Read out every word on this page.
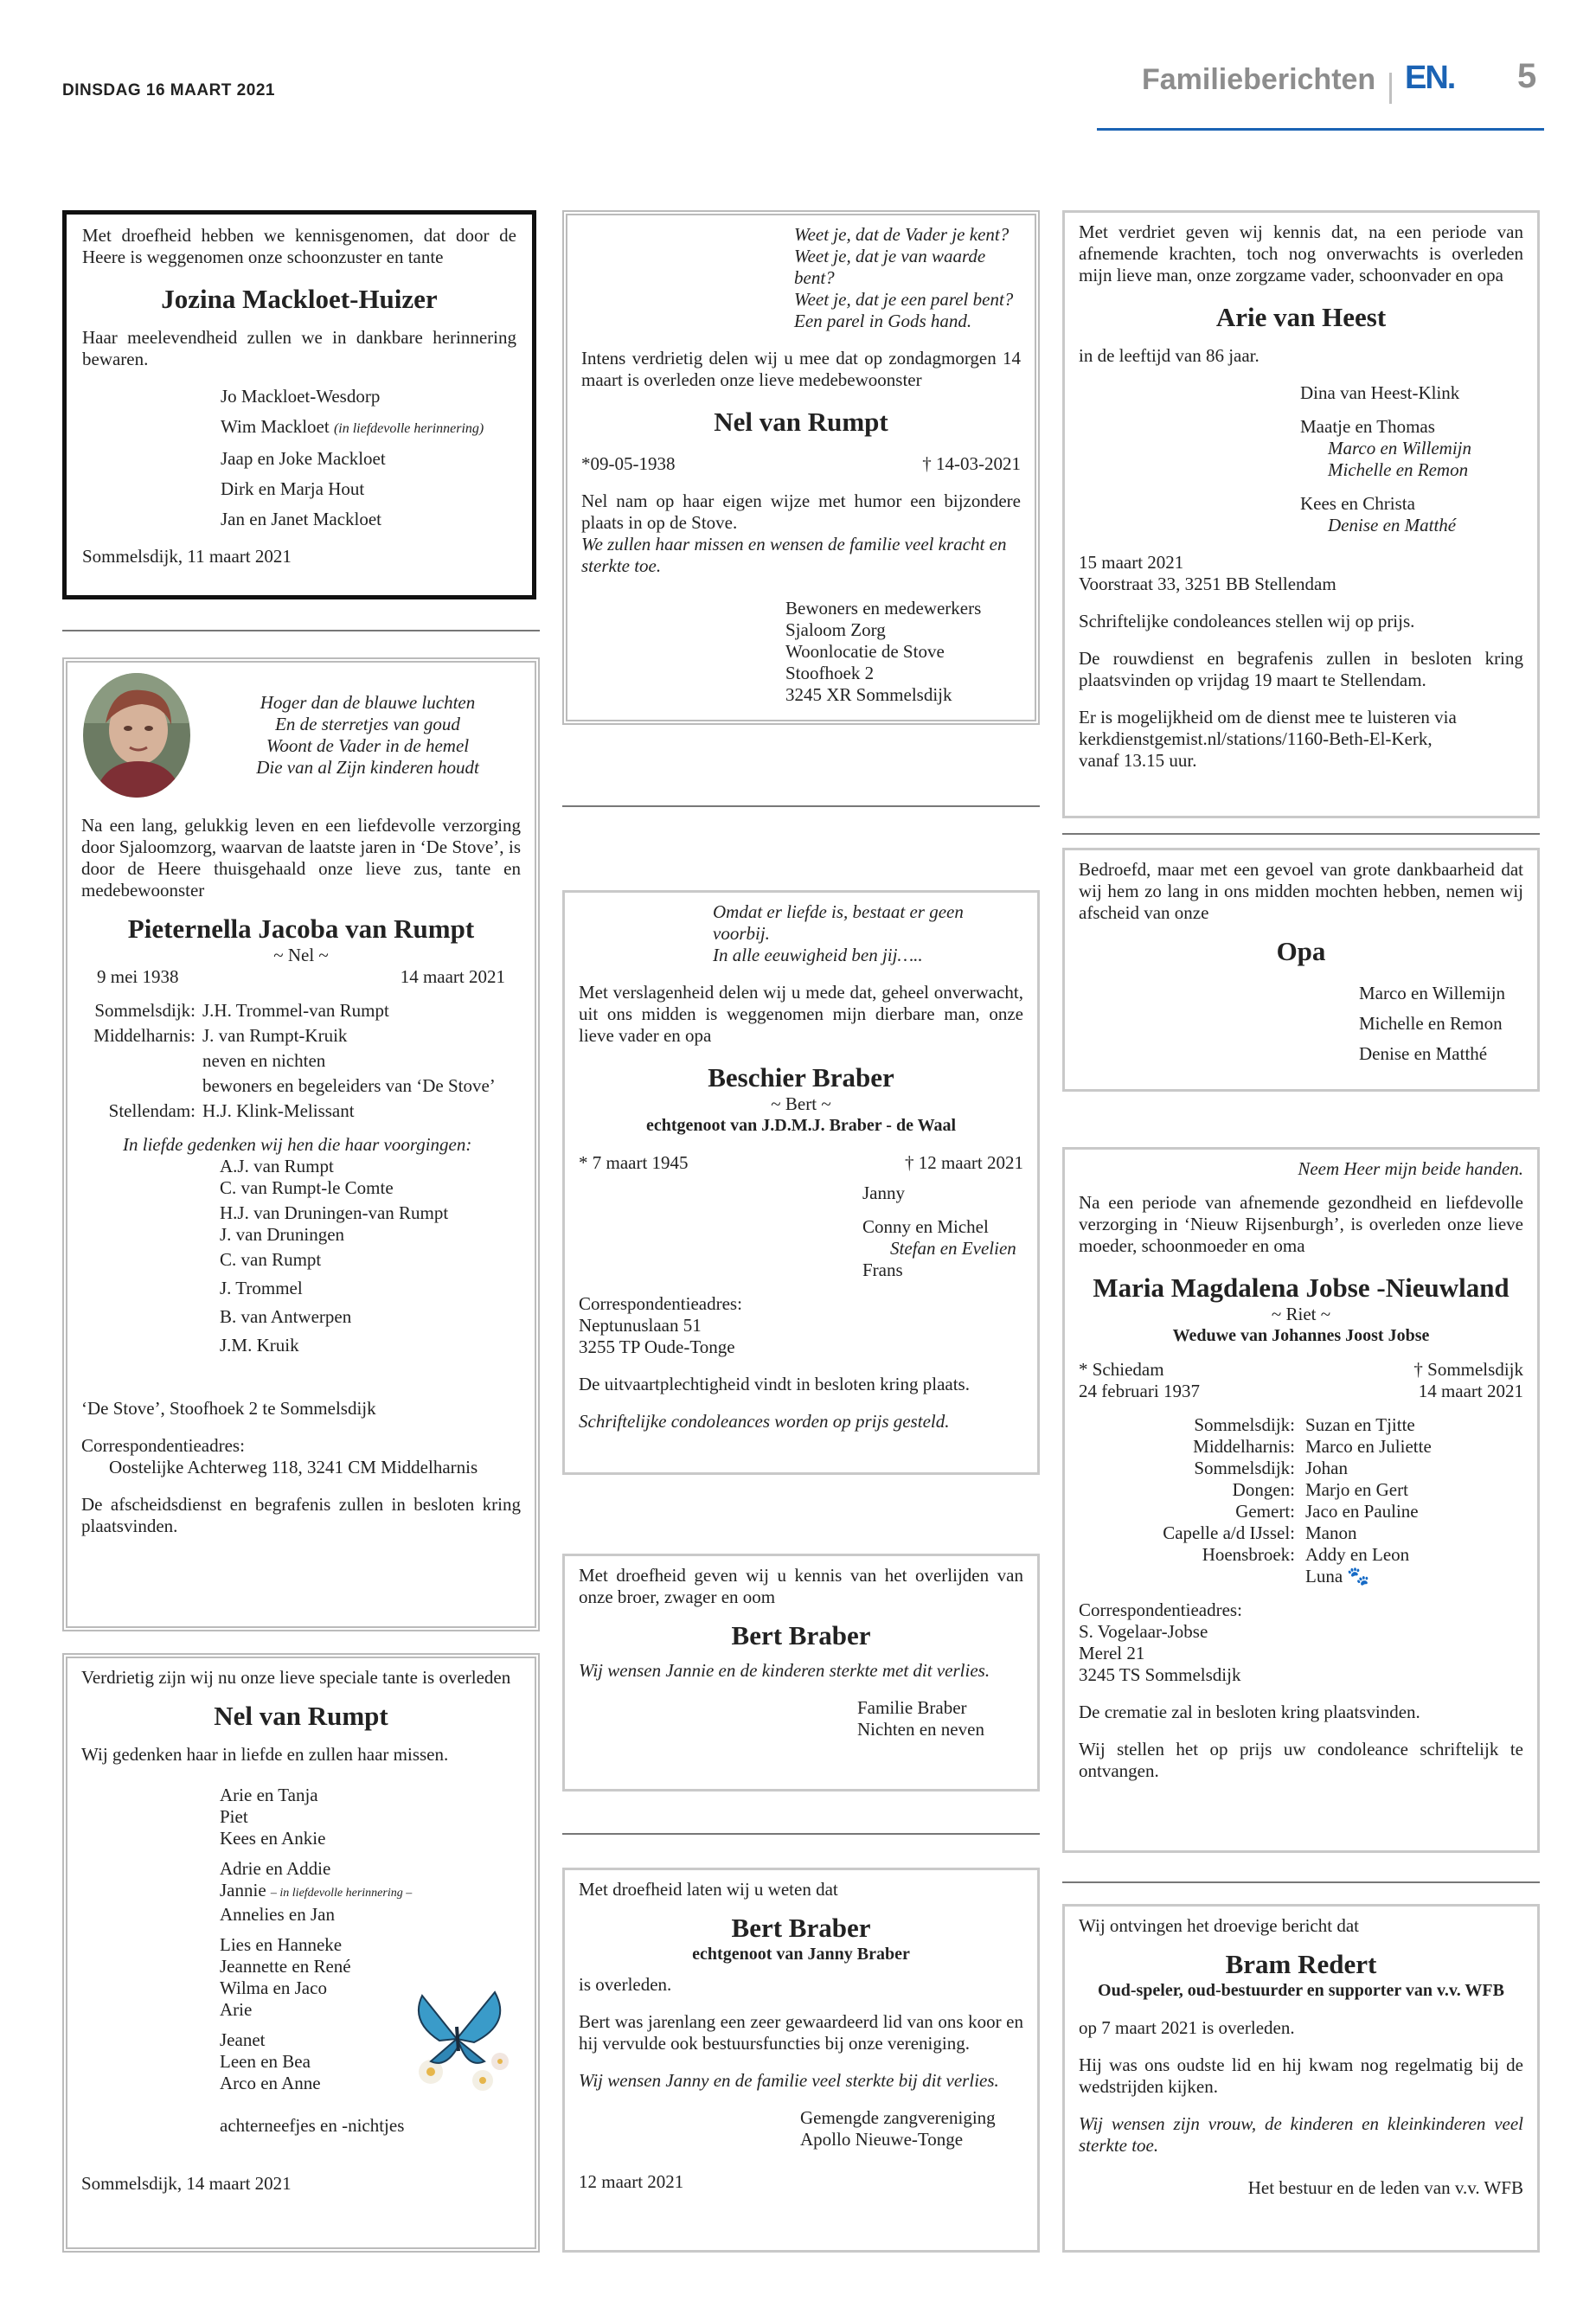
DINSDAG 16 MAART 2021	Familieberichten EN. 5
Met droefheid hebben we kennisgenomen, dat door de Heere is weggenomen onze schoonzuster en tante
Jozina Mackloet-Huizer
Haar meelevendheid zullen we in dankbare herinnering bewaren.
Jo Mackloet-Wesdorp
Wim Mackloet (in liefdevolle herinnering)
Jaap en Joke Mackloet
Dirk en Marja Hout
Jan en Janet Mackloet
Sommelsdijk, 11 maart 2021
Hoger dan de blauwe luchten
En de sterretjes van goud
Woont de Vader in de hemel
Die van al Zijn kinderen houdt
Na een lang, gelukkig leven en een liefdevolle verzorging door Sjaloomzorg, waarvan de laatste jaren in ‘De Stove’, is door de Heere thuisgehaald onze lieve zus, tante en medebewoonster
Pieternella Jacoba van Rumpt
~ Nel ~
9 mei 1938	14 maart 2021
Sommelsdijk: J.H. Trommel-van Rumpt
Middelharnis: J. van Rumpt-Kruik
neven en nichten
bewoners en begeleiders van ‘De Stove’
Stellendam: H.J. Klink-Melissant
In liefde gedenken wij hen die haar voorgingen:
A.J. van Rumpt
C. van Rumpt-le Comte
H.J. van Druningen-van Rumpt
J. van Druningen
C. van Rumpt
J. Trommel
B. van Antwerpen
J.M. Kruik
‘De Stove’, Stoofhoek 2 te Sommelsdijk
Correspondentieadres:
Oostelijke Achterweg 118, 3241 CM Middelharnis
De afscheidsdienst en begrafenis zullen in besloten kring plaatsvinden.
Verdrietig zijn wij nu onze lieve speciale tante is overleden
Nel van Rumpt
Wij gedenken haar in liefde en zullen haar missen.
Arie en Tanja
Piet
Kees en Ankie
Adrie en Addie
Jannie – in liefdevolle herinnering –
Annelies en Jan
Lies en Hanneke
Jeannette en René
Wilma en Jaco
Arie
Jeanet
Leen en Bea
Arco en Anne
achterneefjes en -nichtjes
Sommelsdijk, 14 maart 2021
Weet je, dat de Vader je kent?
Weet je, dat je van waarde bent?
Weet je, dat je een parel bent?
Een parel in Gods hand.
Intens verdrietig delen wij u mee dat op zondagmorgen 14 maart is overleden onze lieve medebewoonster
Nel van Rumpt
*09-05-1938	† 14-03-2021
Nel nam op haar eigen wijze met humor een bijzondere plaats in op de Stove.
We zullen haar missen en wensen de familie veel kracht en sterkte toe.
Bewoners en medewerkers
Sjaloom Zorg
Woonlocatie de Stove
Stoofhoek 2
3245 XR Sommelsdijk
Omdat er liefde is, bestaat er geen voorbij.
In alle eeuwigheid ben jij…..
Met verslagenheid delen wij u mede dat, geheel onverwacht, uit ons midden is weggenomen mijn dierbare man, onze lieve vader en opa
Beschier Braber
~ Bert ~
echtgenoot van J.D.M.J. Braber - de Waal
* 7 maart 1945	† 12 maart 2021
Janny
Conny en Michel
Stefan en Evelien
Frans
Correspondentieadres:
Neptunuslaan 51
3255 TP Oude-Tonge
De uitvaartplechtigheid vindt in besloten kring plaats.
Schriftelijke condoleances worden op prijs gesteld.
Met droefheid geven wij u kennis van het overlijden van onze broer, zwager en oom
Bert Braber
Wij wensen Jannie en de kinderen sterkte met dit verlies.
Familie Braber
Nichten en neven
Met droefheid laten wij u weten dat
Bert Braber
echtgenoot van Janny Braber
is overleden.
Bert was jarenlang een zeer gewaardeerd lid van ons koor en hij vervulde ook bestuursfuncties bij onze vereniging.
Wij wensen Janny en de familie veel sterkte bij dit verlies.
Gemengde zangvereniging
Apollo Nieuwe-Tonge
12 maart 2021
Met verdriet geven wij kennis dat, na een periode van afnemende krachten, toch nog onverwachts is overleden mijn lieve man, onze zorgzame vader, schoonvader en opa
Arie van Heest
in de leeftijd van 86 jaar.
Dina van Heest-Klink
Maatje en Thomas
Marco en Willemijn
Michelle en Remon
Kees en Christa
Denise en Matthé
15 maart 2021
Voorstraat 33, 3251 BB Stellendam
Schriftelijke condoleances stellen wij op prijs.
De rouwdienst en begrafenis zullen in besloten kring plaatsvinden op vrijdag 19 maart te Stellendam.
Er is mogelijkheid om de dienst mee te luisteren via
kerkdienstgemist.nl/stations/1160-Beth-El-Kerk,
vanaf 13.15 uur.
Bedroefd, maar met een gevoel van grote dankbaarheid dat wij hem zo lang in ons midden mochten hebben, nemen wij afscheid van onze
Opa
Marco en Willemijn
Michelle en Remon
Denise en Matthé
Neem Heer mijn beide handen.
Na een periode van afnemende gezondheid en liefdevolle verzorging in ‘Nieuw Rijsenburgh’, is overleden onze lieve moeder, schoonmoeder en oma
Maria Magdalena Jobse -Nieuwland
~ Riet ~
Weduwe van Johannes Joost Jobse
* Schiedam
24 februari 1937
† Sommelsdijk
14 maart 2021
Sommelsdijk: Suzan en Tjitte
Middelharnis: Marco en Juliette
Sommelsdijk: Johan
Dongen: Marjo en Gert
Gemert: Jaco en Pauline
Capelle a/d IJssel: Manon
Hoensbroek: Addy en Leon
Luna 🐾
Correspondentieadres:
S. Vogelaar-Jobse
Merel 21
3245 TS Sommelsdijk
De crematie zal in besloten kring plaatsvinden.
Wij stellen het op prijs uw condoleance schriftelijk te ontvangen.
Wij ontvingen het droevige bericht dat
Bram Redert
Oud-speler, oud-bestuurder en supporter van v.v. WFB
op 7 maart 2021 is overleden.
Hij was ons oudste lid en hij kwam nog regelmatig bij de wedstrijden kijken.
Wij wensen zijn vrouw, de kinderen en kleinkinderen veel sterkte toe.
Het bestuur en de leden van v.v. WFB
